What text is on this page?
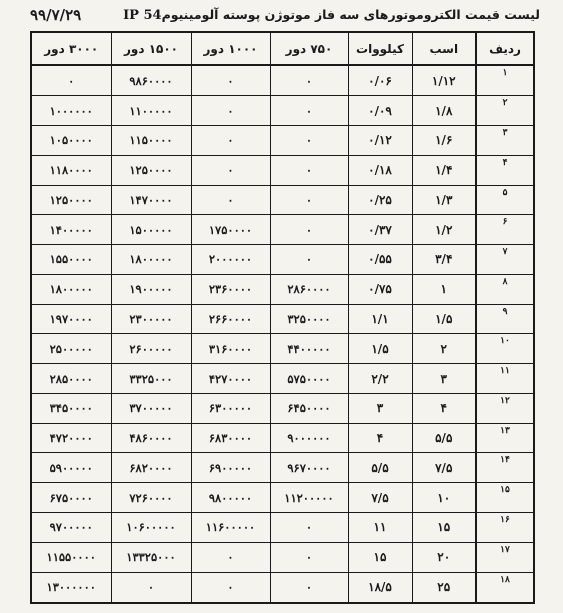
۹۹/۷/۲۹	لیست قیمت الکتروموتورهای سه فاز موتوژن پوسته آلومینیومIP 54
ردیف	اسب	کیلووات	۷۵۰ دور	۱۰۰۰ دور	۱۵۰۰ دور	۳۰۰۰ دور
۱	۱/۱۲	۰/۰۶	۰	۰	۹۸۶۰۰۰۰	۰
۲	۱/۸	۰/۰۹	۰	۰	۱۱۰۰۰۰۰	۱۰۰۰۰۰۰
۳	۱/۶	۰/۱۲	۰	۰	۱۱۵۰۰۰۰	۱۰۵۰۰۰۰
۴	۱/۴	۰/۱۸	۰	۰	۱۲۵۰۰۰۰	۱۱۸۰۰۰۰
۵	۱/۳	۰/۲۵	۰	۰	۱۴۷۰۰۰۰	۱۲۵۰۰۰۰
۶	۱/۲	۰/۳۷	۰	۱۷۵۰۰۰۰	۱۵۰۰۰۰۰	۱۴۰۰۰۰۰
۷	۳/۴	۰/۵۵	۰	۲۰۰۰۰۰۰	۱۸۰۰۰۰۰	۱۵۵۰۰۰۰
۸	۱	۰/۷۵	۲۸۶۰۰۰۰	۲۳۶۰۰۰۰	۱۹۰۰۰۰۰	۱۸۰۰۰۰۰
۹	۱/۵	۱/۱	۳۲۵۰۰۰۰	۲۶۶۰۰۰۰	۲۳۰۰۰۰۰	۱۹۷۰۰۰۰
۱۰	۲	۱/۵	۴۴۰۰۰۰۰	۳۱۶۰۰۰۰	۲۶۰۰۰۰۰	۲۵۰۰۰۰۰
۱۱	۳	۲/۲	۵۷۵۰۰۰۰	۴۲۷۰۰۰۰	۳۳۲۵۰۰۰	۲۸۵۰۰۰۰
۱۲	۴	۳	۶۴۵۰۰۰۰	۶۳۰۰۰۰۰	۳۷۰۰۰۰۰	۳۴۵۰۰۰۰
۱۳	۵/۵	۴	۹۰۰۰۰۰۰	۶۸۳۰۰۰۰	۴۸۶۰۰۰۰	۴۷۲۰۰۰۰
۱۴	۷/۵	۵/۵	۹۶۷۰۰۰۰	۶۹۰۰۰۰۰	۶۸۲۰۰۰۰	۵۹۰۰۰۰۰
۱۵	۱۰	۷/۵	۱۱۲۰۰۰۰۰	۹۸۰۰۰۰۰	۷۲۶۰۰۰۰	۶۷۵۰۰۰۰
۱۶	۱۵	۱۱	۰	۱۱۶۰۰۰۰۰	۱۰۶۰۰۰۰۰	۹۷۰۰۰۰۰
۱۷	۲۰	۱۵	۰	۰	۱۳۳۲۵۰۰۰	۱۱۵۵۰۰۰۰
۱۸	۲۵	۱۸/۵	۰	۰	۰	۱۳۰۰۰۰۰۰
